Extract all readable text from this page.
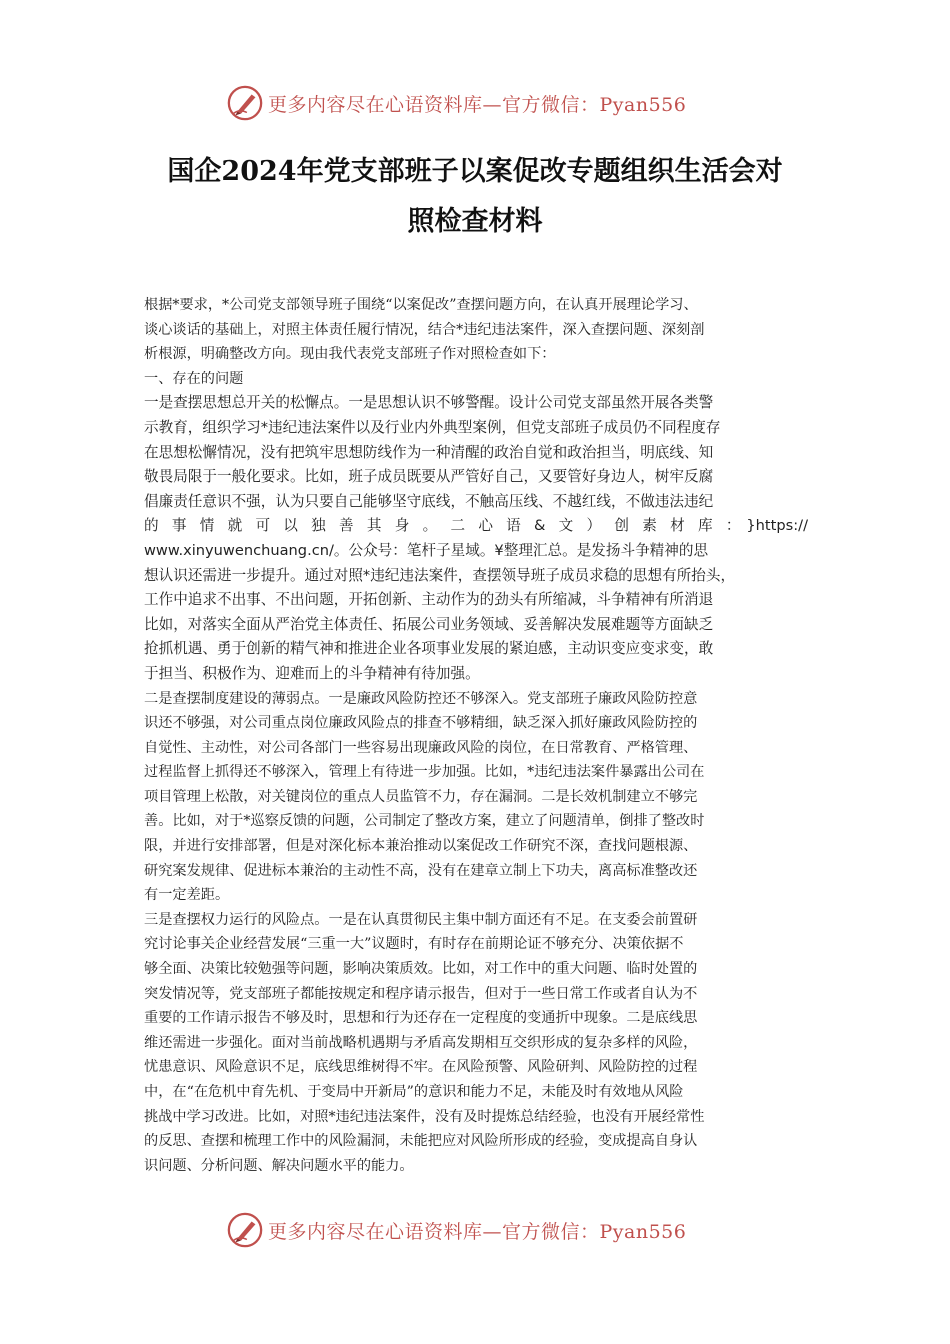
更多内容尽在心语资料库—官方微信：Pyan556
国企2024年党支部班子以案促改专题组织生活会对
照检查材料

根据*要求，*公司党支部领导班子围绕“以案促改”查摆问题方向，在认真开展理论学习、

谈心谈话的基础上，对照主体责任履行情况，结合*违纪违法案件，深入查摆问题、深刻剖

析根源，明确整改方向。现由我代表党支部班子作对照检查如下：

一、存在的问题

一是查摆思想总开关的松懈点。一是思想认识不够警醒。设计公司党支部虽然开展各类警

示教育，组织学习*违纪违法案件以及行业内外典型案例，但党支部班子成员仍不同程度存

在思想松懈情况，没有把筑牢思想防线作为一种清醒的政治自觉和政治担当，明底线、知

敬畏局限于一般化要求。比如，班子成员既要从严管好自己，又要管好身边人，树牢反腐

倡廉责任意识不强，认为只要自己能够坚守底线，不触高压线、不越红线，不做违法违纪

的事情就可以独善其身。二心语&文）创素材库：}https://

www.xinyuwenchuang.cn/。公众号：笔杆子星域。¥整理汇总。是发扬斗争精神的思

想认识还需进一步提升。通过对照*违纪违法案件，查摆领导班子成员求稳的思想有所抬头，

工作中追求不出事、不出问题，开拓创新、主动作为的劲头有所缩减，斗争精神有所消退

比如，对落实全面从严治党主体责任、拓展公司业务领域、妥善解决发展难题等方面缺乏

抢抓机遇、勇于创新的精气神和推进企业各项事业发展的紧迫感，主动识变应变求变，敢

于担当、积极作为、迎难而上的斗争精神有待加强。

二是查摆制度建设的薄弱点。一是廉政风险防控还不够深入。党支部班子廉政风险防控意

识还不够强，对公司重点岗位廉政风险点的排查不够精细，缺乏深入抓好廉政风险防控的

自觉性、主动性，对公司各部门一些容易出现廉政风险的岗位，在日常教育、严格管理、

过程监督上抓得还不够深入，管理上有待进一步加强。比如，*违纪违法案件暴露出公司在

项目管理上松散，对关键岗位的重点人员监管不力，存在漏洞。二是长效机制建立不够完

善。比如，对于*巡察反馈的问题，公司制定了整改方案，建立了问题清单，倒排了整改时

限，并进行安排部署，但是对深化标本兼治推动以案促改工作研究不深，查找问题根源、

研究案发规律、促进标本兼治的主动性不高，没有在建章立制上下功夫，离高标准整改还

有一定差距。

三是查摆权力运行的风险点。一是在认真贯彻民主集中制方面还有不足。在支委会前置研

究讨论事关企业经营发展“三重一大”议题时，有时存在前期论证不够充分、决策依据不

够全面、决策比较勉强等问题，影响决策质效。比如，对工作中的重大问题、临时处置的

突发情况等，党支部班子都能按规定和程序请示报告，但对于一些日常工作或者自认为不

重要的工作请示报告不够及时，思想和行为还存在一定程度的变通折中现象。二是底线思

维还需进一步强化。面对当前战略机遇期与矛盾高发期相互交织形成的复杂多样的风险，

忧患意识、风险意识不足，底线思维树得不牢。在风险预警、风险研判、风险防控的过程

中，在“在危机中育先机、于变局中开新局”的意识和能力不足，未能及时有效地从风险

挑战中学习改进。比如，对照*违纪违法案件，没有及时提炼总结经验，也没有开展经常性

的反思、查摆和梳理工作中的风险漏洞，未能把应对风险所形成的经验，变成提高自身认

识问题、分析问题、解决问题水平的能力。

更多内容尽在心语资料库—官方微信：Pyan556
